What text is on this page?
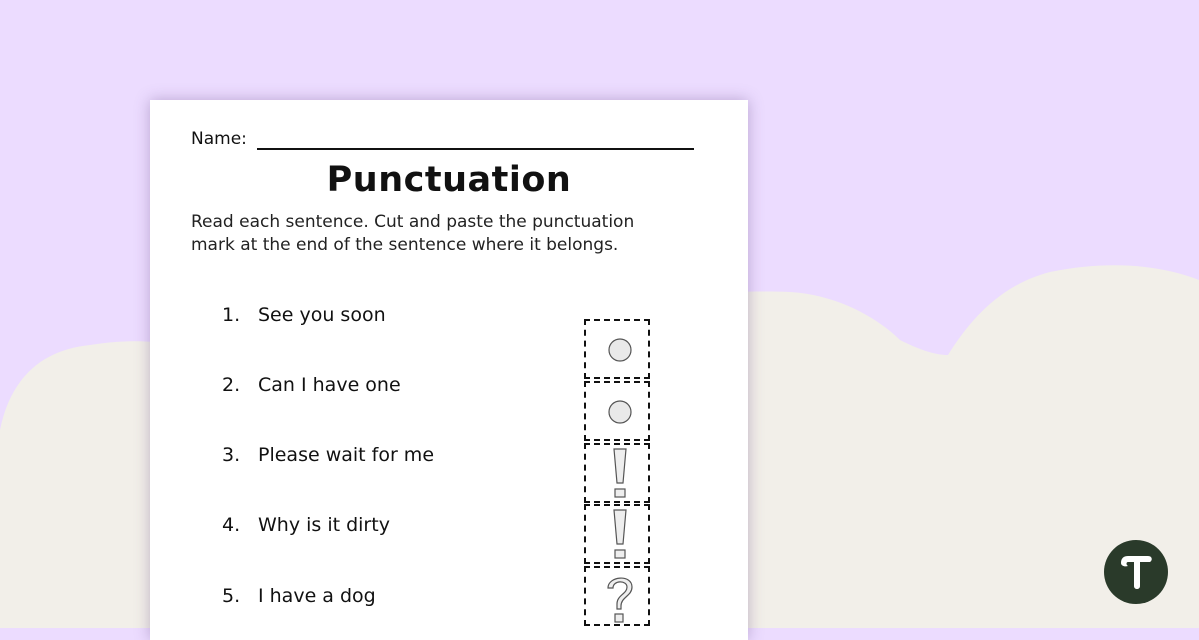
Name:
Punctuation
Read each sentence. Cut and paste the punctuation
mark at the end of the sentence where it belongs.
1. See you soon
2. Can I have one
3. Please wait for me
4. Why is it dirty
5. I have a dog
